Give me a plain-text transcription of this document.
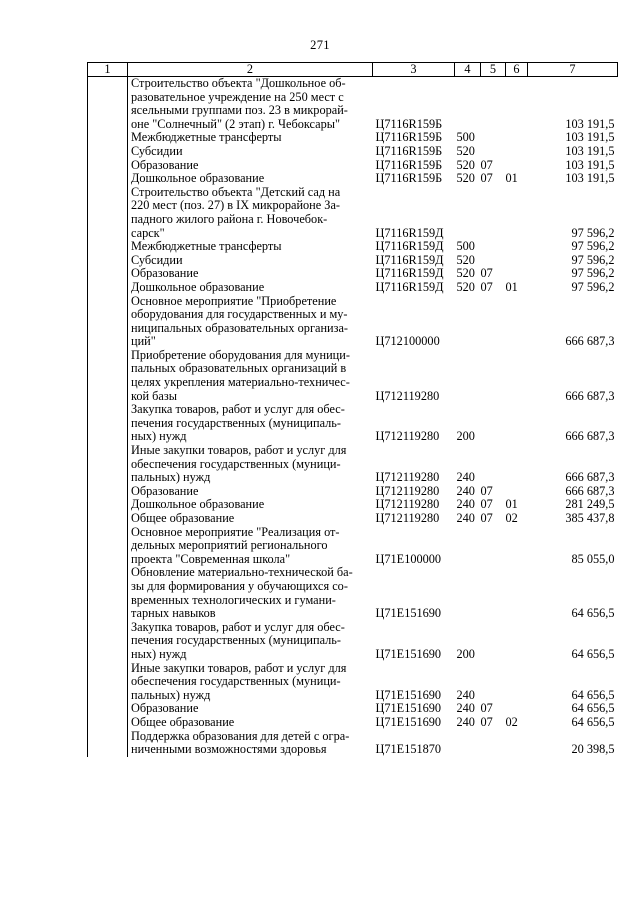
271
1	2	3	4	5	6	7

	Строительство объекта "Дошкольное об-
разовательное учреждение на 250 мест с
ясельными группами поз. 23 в микрорай-
оне "Солнечный" (2 этап) г. Чебоксары"	Ц7116R159Б				103 191,5

	Межбюджетные трансферты	Ц7116R159Б	500			103 191,5

	Субсидии	Ц7116R159Б	520			103 191,5

	Образование	Ц7116R159Б	520	07		103 191,5

	Дошкольное образование	Ц7116R159Б	520	07	01	103 191,5

	Строительство объекта "Детский сад на
220 мест (поз. 27) в IX микрорайоне За-
падного жилого района г. Новочебок-
сарск"	Ц7116R159Д				97 596,2

	Межбюджетные трансферты	Ц7116R159Д	500			97 596,2

	Субсидии	Ц7116R159Д	520			97 596,2

	Образование	Ц7116R159Д	520	07		97 596,2

	Дошкольное образование	Ц7116R159Д	520	07	01	97 596,2

	Основное мероприятие "Приобретение
оборудования для государственных и му-
ниципальных образовательных организа-
ций"	Ц712100000				666 687,3

	Приобретение оборудования для муници-
пальных образовательных организаций в
целях укрепления материально-техничес-
кой базы	Ц712119280				666 687,3

	Закупка товаров, работ и услуг для обес-
печения государственных (муниципаль-
ных) нужд	Ц712119280	200			666 687,3

	Иные закупки товаров, работ и услуг для
обеспечения государственных (муници-
пальных) нужд	Ц712119280	240			666 687,3

	Образование	Ц712119280	240	07		666 687,3

	Дошкольное образование	Ц712119280	240	07	01	281 249,5

	Общее образование	Ц712119280	240	07	02	385 437,8

	Основное мероприятие "Реализация от-
дельных мероприятий регионального
проекта "Современная школа"	Ц71Е100000				85 055,0

	Обновление материально-технической ба-
зы для формирования у обучающихся со-
временных технологических и гумани-
тарных навыков	Ц71Е151690				64 656,5

	Закупка товаров, работ и услуг для обес-
печения государственных (муниципаль-
ных) нужд	Ц71Е151690	200			64 656,5

	Иные закупки товаров, работ и услуг для
обеспечения государственных (муници-
пальных) нужд	Ц71Е151690	240			64 656,5

	Образование	Ц71Е151690	240	07		64 656,5

	Общее образование	Ц71Е151690	240	07	02	64 656,5

	Поддержка образования для детей с огра-
ниченными возможностями здоровья	Ц71Е151870				20 398,5
